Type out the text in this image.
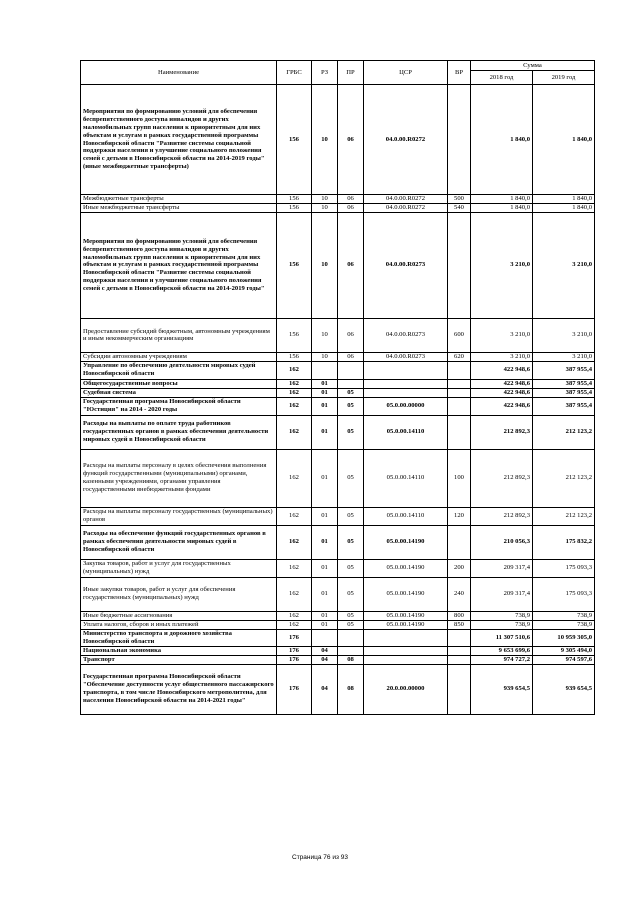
Наименование	ГРБС	РЗ	ПР	ЦСР	ВР	Сумма	
						2018 год	2019 год
Мероприятия по формированию условий для обеспечения беспрепятственного доступа инвалидов и других маломобильных групп населения к приоритетным для них объектам и услугам в рамках государственной программы Новосибирской области "Развитие системы социальной поддержки населения и улучшение социального положения семей с детьми в Новосибирской области на 2014-2019 годы" (иные межбюджетные трансферты)	156	10	06	04.0.00.R0272		1 840,0	1 840,0
Межбюджетные трансферты	156	10	06	04.0.00.R0272	500	1 840,0	1 840,0
Иные межбюджетные трансферты	156	10	06	04.0.00.R0272	540	1 840,0	1 840,0
Мероприятия по формированию условий для обеспечения беспрепятственного доступа инвалидов и других маломобильных групп населения к приоритетным для них объектам и услугам в рамках государственной программы Новосибирской области "Развитие системы социальной поддержки населения и улучшение социального положения семей с детьми в Новосибирской области на 2014-2019 годы"	156	10	06	04.0.00.R0273		3 210,0	3 210,0
Предоставление субсидий бюджетным, автономным учреждениям и иным некоммерческим организациям	156	10	06	04.0.00.R0273	600	3 210,0	3 210,0
Субсидии автономным учреждениям	156	10	06	04.0.00.R0273	620	3 210,0	3 210,0
Управление по обеспечению деятельности мировых судей Новосибирской области	162					422 948,6	387 955,4
Общегосударственные вопросы	162	01				422 948,6	387 955,4
Судебная система	162	01	05			422 948,6	387 955,4
Государственная программа Новосибирской области "Юстиция" на 2014 - 2020 годы	162	01	05	05.0.00.00000		422 948,6	387 955,4
Расходы на выплаты по оплате труда работников государственных органов в рамках обеспечения деятельности мировых судей в Новосибирской области	162	01	05	05.0.00.14110		212 892,3	212 123,2
Расходы на выплаты персоналу в целях обеспечения выполнения функций государственными (муниципальными) органами, казенными учреждениями, органами управления государственными внебюджетными фондами	162	01	05	05.0.00.14110	100	212 892,3	212 123,2
Расходы на выплаты персоналу государственных (муниципальных) органов	162	01	05	05.0.00.14110	120	212 892,3	212 123,2
Расходы на обеспечение функций государственных органов в рамках обеспечения деятельности мировых судей в Новосибирской области	162	01	05	05.0.00.14190		210 056,3	175 832,2
Закупка товаров, работ и услуг для государственных (муниципальных) нужд	162	01	05	05.0.00.14190	200	209 317,4	175 093,3
Иные закупки товаров, работ и услуг для обеспечения государственных (муниципальных) нужд	162	01	05	05.0.00.14190	240	209 317,4	175 093,3
Иные бюджетные ассигнования	162	01	05	05.0.00.14190	800	738,9	738,9
Уплата налогов, сборов и иных платежей	162	01	05	05.0.00.14190	850	738,9	738,9
Министерство транспорта и дорожного хозяйства Новосибирской области	176					11 307 510,6	10 959 305,0
Национальная экономика	176	04				9 653 699,6	9 305 494,0
Транспорт	176	04	08			974 727,2	974 597,6
Государственная программа Новосибирской области "Обеспечение доступности услуг общественного пассажирского транспорта, в том числе Новосибирского метрополитена, для населения Новосибирской области на 2014-2021 годы"	176	04	08	20.0.00.00000		939 654,5	939 654,5
Страница 76 из 93
